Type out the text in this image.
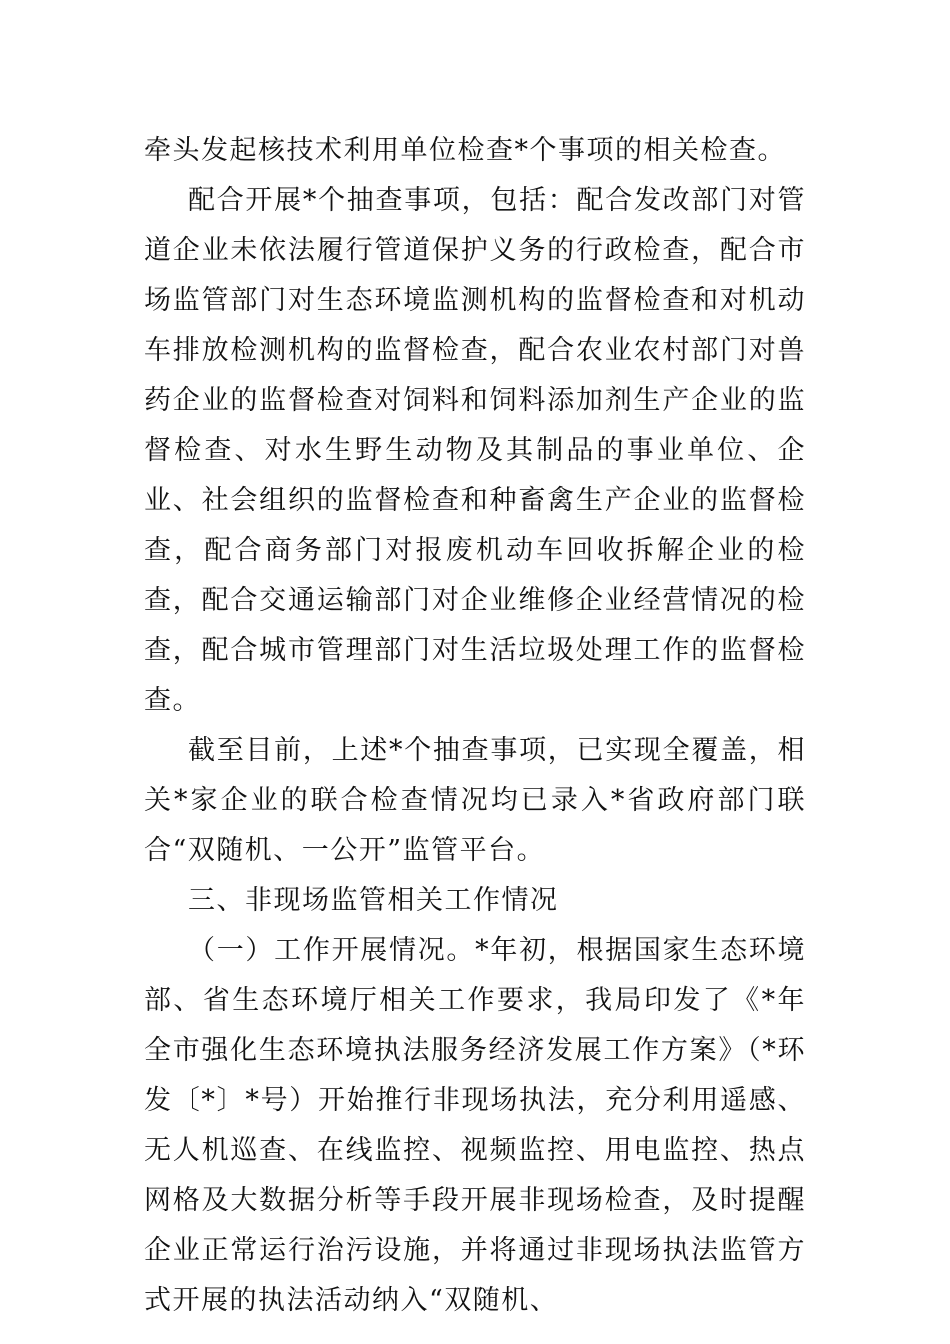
牵头发起核技术利用单位检查*个事项的相关检查。

配合开展*个抽查事项，包括：配合发改部门对管道企业未依法履行管道保护义务的行政检查，配合市场监管部门对生态环境监测机构的监督检查和对机动车排放检测机构的监督检查，配合农业农村部门对兽药企业的监督检查对饲料和饲料添加剂生产企业的监督检查、对水生野生动物及其制品的事业单位、企业、社会组织的监督检查和种畜禽生产企业的监督检查，配合商务部门对报废机动车回收拆解企业的检查，配合交通运输部门对企业维修企业经营情况的检查，配合城市管理部门对生活垃圾处理工作的监督检查。

截至目前，上述*个抽查事项，已实现全覆盖，相关*家企业的联合检查情况均已录入*省政府部门联合“双随机、一公开”监管平台。

三、非现场监管相关工作情况

（一）工作开展情况。*年初，根据国家生态环境部、省生态环境厅相关工作要求，我局印发了《*年全市强化生态环境执法服务经济发展工作方案》（*环发〔*〕*号）开始推行非现场执法，充分利用遥感、无人机巡查、在线监控、视频监控、用电监控、热点网格及大数据分析等手段开展非现场检查，及时提醒企业正常运行治污设施，并将通过非现场执法监管方式开展的执法活动纳入“双随机、
